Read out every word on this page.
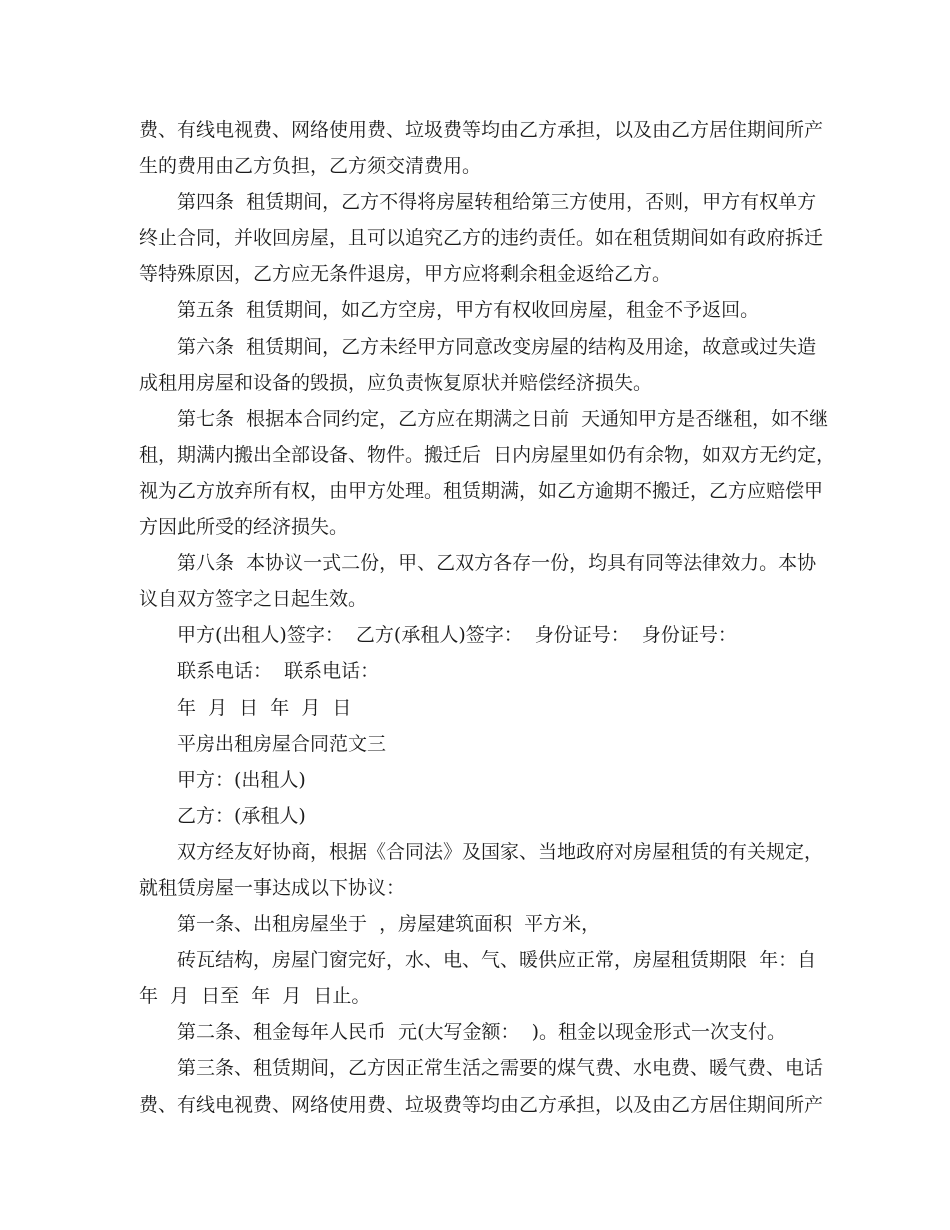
费、有线电视费、网络使用费、垃圾费等均由乙方承担，以及由乙方居住期间所产
生的费用由乙方负担，乙方须交清费用。
第四条  租赁期间，乙方不得将房屋转租给第三方使用，否则，甲方有权单方
终止合同，并收回房屋，且可以追究乙方的违约责任。如在租赁期间如有政府拆迁
等特殊原因，乙方应无条件退房，甲方应将剩余租金返给乙方。
第五条  租赁期间，如乙方空房，甲方有权收回房屋，租金不予返回。
第六条  租赁期间，乙方未经甲方同意改变房屋的结构及用途，故意或过失造
成租用房屋和设备的毁损，应负责恢复原状并赔偿经济损失。
第七条  根据本合同约定，乙方应在期满之日前  天通知甲方是否继租，如不继
租，期满内搬出全部设备、物件。搬迁后  日内房屋里如仍有余物，如双方无约定，
视为乙方放弃所有权，由甲方处理。租赁期满，如乙方逾期不搬迁，乙方应赔偿甲
方因此所受的经济损失。
第八条  本协议一式二份，甲、乙双方各存一份，均具有同等法律效力。本协
议自双方签字之日起生效。
甲方(出租人)签字：  乙方(承租人)签字：  身份证号：  身份证号：
联系电话：  联系电话：
年  月  日  年  月  日
平房出租房屋合同范文三
甲方：(出租人)
乙方：(承租人)
双方经友好协商，根据《合同法》及国家、当地政府对房屋租赁的有关规定，
就租赁房屋一事达成以下协议：
第一条、出租房屋坐于  ，房屋建筑面积  平方米，
砖瓦结构，房屋门窗完好，水、电、气、暖供应正常，房屋租赁期限  年：自
年  月  日至  年  月  日止。
第二条、租金每年人民币  元(大写金额：  )。租金以现金形式一次支付。
第三条、租赁期间，乙方因正常生活之需要的煤气费、水电费、暖气费、电话
费、有线电视费、网络使用费、垃圾费等均由乙方承担，以及由乙方居住期间所产
